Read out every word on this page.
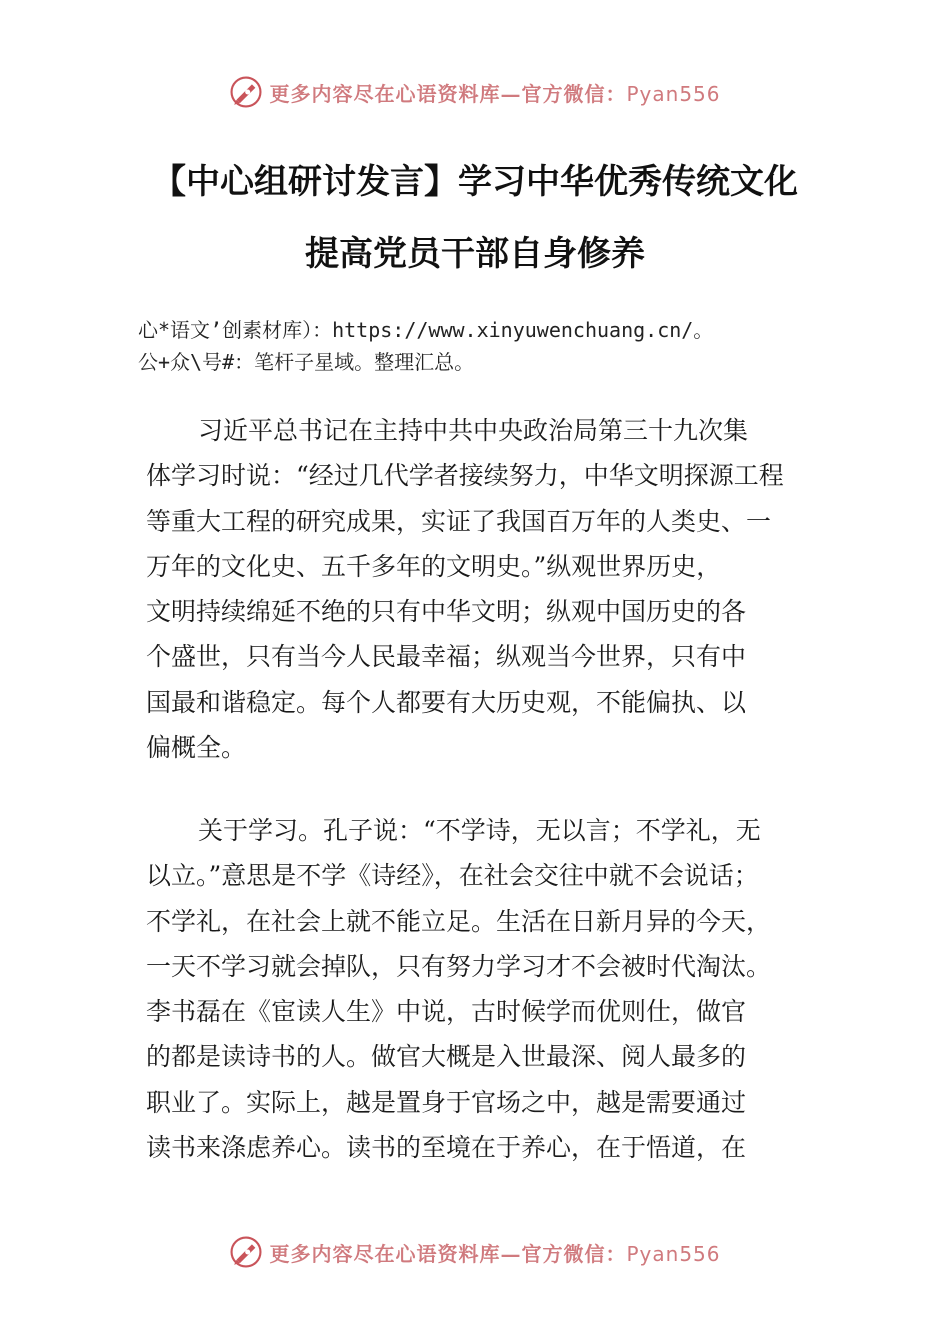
更多内容尽在心语资料库—官方微信：Pyan556
【中心组研讨发言】学习中华优秀传统文化
提高党员干部自身修养
心*语文’创素材库）：https://www.xinyuwenchuang.cn/。
公+众\号#：笔杆子星域。整理汇总。
习近平总书记在主持中共中央政治局第三十九次集
体学习时说：“经过几代学者接续努力，中华文明探源工程
等重大工程的研究成果，实证了我国百万年的人类史、一
万年的文化史、五千多年的文明史。”纵观世界历史，
文明持续绵延不绝的只有中华文明；纵观中国历史的各
个盛世，只有当今人民最幸福；纵观当今世界，只有中
国最和谐稳定。每个人都要有大历史观，不能偏执、以
偏概全。
关于学习。孔子说：“不学诗，无以言；不学礼，无
以立。”意思是不学《诗经》，在社会交往中就不会说话；
不学礼，在社会上就不能立足。生活在日新月异的今天，
一天不学习就会掉队，只有努力学习才不会被时代淘汰。
李书磊在《宦读人生》中说，古时候学而优则仕，做官
的都是读诗书的人。做官大概是入世最深、阅人最多的
职业了。实际上，越是置身于官场之中，越是需要通过
读书来涤虑养心。读书的至境在于养心，在于悟道，在
更多内容尽在心语资料库—官方微信：Pyan556
